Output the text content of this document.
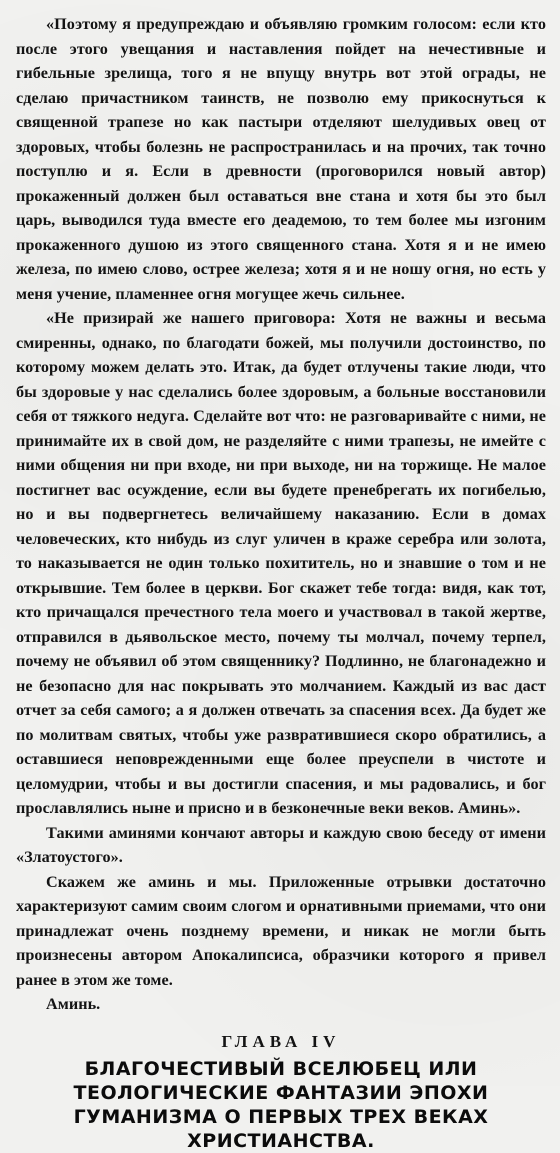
«Поэтому я предупреждаю и объявляю громким голосом: если кто после этого увещания и наставления пойдет на нечестивные и гибельные зрелища, того я не впущу внутрь вот этой ограды, не сделаю причастником таинств, не позволю ему прикоснуться к священной трапезе но как пастыри отделяют шелудивых овец от здоровых, чтобы болезнь не распространилась и на прочих, так точно поступлю и я. Если в древности (проговорился новый автор) прокаженный должен был оставаться вне стана и хотя бы это был царь, выводился туда вместе его деадемою, то тем более мы изгоним прокаженного душою из этого священного стана. Хотя я и не имею железа, по имею слово, острее железа; хотя я и не ношу огня, но есть у меня учение, пламеннее огня могущее жечь сильнее.

«Не призирай же нашего приговора: Хотя не важны и весьма смиренны, однако, по благодати божей, мы получили достоинство, по которому можем делать это. Итак, да будет отлучены такие люди, что бы здоровые у нас сделались более здоровым, а больные восстановили себя от тяжкого недуга. Сделайте вот что: не разговаривайте с ними, не принимайте их в свой дом, не разделяйте с ними трапезы, не имейте с ними общения ни при входе, ни при выходе, ни на торжище. Не малое постигнет вас осуждение, если вы будете пренебрегать их погибелью, но и вы подвергнетесь величайшему наказанию. Если в домах человеческих, кто нибудь из слуг уличен в краже серебра или золота, то наказывается не один только похититель, но и знавшие о том и не открывшие. Тем более в церкви. Бог скажет тебе тогда: видя, как тот, кто причащался пречестного тела моего и участвовал в такой жертве, отправился в дьявольское место, почему ты молчал, почему терпел, почему не объявил об этом священнику? Подлинно, не благонадежно и не безопасно для нас покрывать это молчанием. Каждый из вас даст отчет за себя самого; а я должен отвечать за спасения всех. Да будет же по молитвам святых, чтобы уже развратившиеся скоро обратились, а оставшиеся неповрежденными еще более преуспели в чистоте и целомудрии, чтобы и вы достигли спасения, и мы радовались, и бог прославлялись ныне и присно и в безконечные веки веков. Аминь».

Такими аминями кончают авторы и каждую свою беседу от имени «Златоустого».

Скажем же аминь и мы. Приложенные отрывки достаточно характеризуют самим своим слогом и орнативными приемами, что они принадлежат очень позднему времени, и никак не могли быть произнесены автором Апокалипсиса, образчики которого я привел ранее в этом же томе.

Аминь.

ГЛАВА IV
БЛАГОЧЕСТИВЫЙ ВСЕЛЮБЕЦ ИЛИ ТЕОЛОГИЧЕСКИЕ ФАНТАЗИИ ЭПОХИ ГУМАНИЗМА О ПЕРВЫХ ТРЕХ ВЕКАХ ХРИСТИАНСТВА.
